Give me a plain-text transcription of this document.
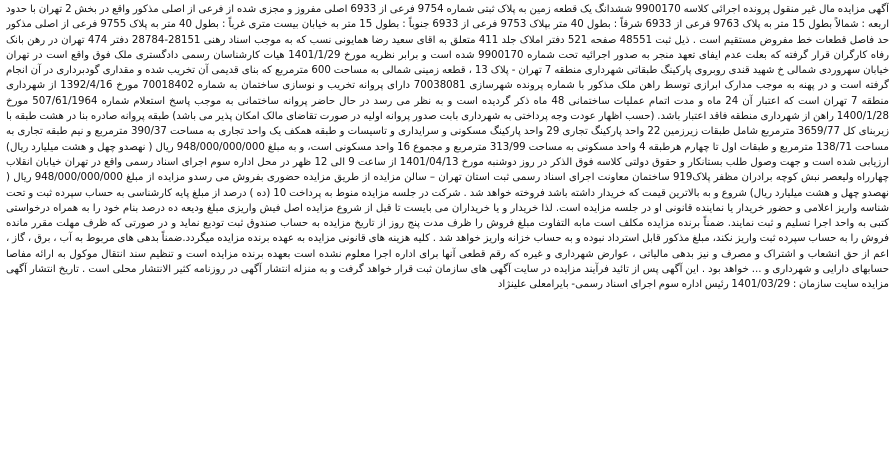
آگهی مزایده مال غیر منقول پرونده اجرائی کلاسه 9900170 ششدانگ یک قطعه زمین به پلاک ثبتی شماره 9754 فرعی از 6933 اصلی مفروز و مجزی شده از فرعی از اصلی مذکور واقع در بخش 2 تهران با حدود اربعه : شمالاً بطول 15 متر به پلاک 9763 فرعی از 6933 شرقاً : بطول 40 متر بپلاک 9753 فرعی از 6933 جنوباً : بطول 15 متر به خیابان بیست متری غرباً : بطول 40 متر به پلاک 9755 فرعی از اصلی مذکور حد فاصل قطعات خط مفروض مستقیم است . ذیل ثبت 48551 صفحه 521 دفتر املاک جلد 411 متعلق به اقای سعید رضا همایونی نسب که به موجب اسناد رهنی 28151-28784 دفتر 474 تهران در رهن بانک رفاه کارگران قرار گرفته که بعلت عدم ایفای تعهد منجر به صدور اجرائیه تحت شماره 9900170 شده است و برابر نظریه مورخ 1401/1/29 هیات کارشناسان رسمی دادگستری ملک فوق واقع است در تهران خیابان سهروردی شمالی خ شهید قندی روبروی پارکینگ طبقاتی شهرداری منطقه 7 تهران - پلاک 13 ، قطعه زمینی شمالی به مساحت 600 مترمربع که بنای قدیمی آن تخریب شده و مقداری گودبرداری در آن انجام گرفته است و در پهنه به موجب مدارک ابرازی توسط راهن ملک مذکور با شماره پرونده شهرسازی 70038081 دارای پروانه تخریب و نوسازی ساختمان به شماره 70018402 مورخ 1392/4/16 از شهرداری منطقه 7 تهران است که اعتبار آن 24 ماه و مدت اتمام عملیات ساختمانی 48 ماه ذکر گردیده است و به نظر می رسد در حال حاضر پروانه ساختمانی به موجب پاسخ استعلام شماره 507/61/1964 مورخ 1400/1/28 راهن از شهرداری منطقه فاقد اعتبار باشد. (حسب اظهار عودت وجه پرداختی به شهرداری بابت صدور پروانه اولیه در صورت تقاضای مالک امکان پذیر می باشد) طبقه پروانه صادره بنا در هشت طبقه با زیربنای کل 3659/77 مترمربع شامل طبقات زیرزمین 22 واحد پارکینگ تجاری 29 واحد پارکینگ مسکونی و سرایداری و تاسیسات و طبقه همکف یک واحد تجاری به مساحت 390/37 مترمربع و نیم طبقه تجاری به مساحت 138/71 مترمربع و طبقات اول تا چهارم هرطبقه 4 واحد مسکونی به مساحت 313/99 مترمربع و مجموع 16 واحد مسکونی است، و به مبلغ 948/000/000/000 ریال ( نهصدو چهل و هشت میلیارد ریال) ارزیابی شده است و جهت وصول طلب بستانکار و حقوق دولتی کلاسه فوق الذکر در روز دوشنبه مورخ 1401/04/13 از ساعت 9 الی 12 ظهر در محل اداره سوم اجرای اسناد رسمی واقع در تهران خیابان انقلاب چهارراه ولیعصر نبش کوچه برادران مظفر پلاک919 ساختمان معاونت اجرای اسناد رسمی ثبت استان تهران – سالن مزایده از طریق مزایده حضوری بفروش می رسدو مزایده از مبلغ 948/000/000/000 ریال ( نهصدو چهل و هشت میلیارد ریال) شروع و به بالاترین قیمت که خریدار داشته باشد فروخته خواهد شد . شرکت در جلسه مزایده منوط به پرداخت 10 (ده ) درصد از مبلغ پایه کارشناسی به حساب سپرده ثبت و تحت شناسه واریز اعلامی و حضور خریدار یا نماینده قانونی او در جلسه مزایده است. لذا خریدار و یا خریداران می بایست تا قبل از شروع مزایده اصل فیش واریزی مبلغ ودیعه ده درصد بنام خود را به همراه درخواستی کتبی به واحد اجرا تسلیم و ثبت نمایند. ضمناً برنده مزایده مکلف است مابه التفاوت مبلغ فروش را ظرف مدت پنج روز از تاریخ مزایده به حساب صندوق ثبت تودیع نماید و در صورتی که ظرف مهلت مقرر مانده فروش را به حساب سپرده ثبت واریز نکند، مبلغ مذکور قابل استرداد نبوده و به حساب خزانه واریز خواهد شد . کلیه هزینه های قانونی مزایده به عهده برنده مزایده میگردد.ضمناً بدهی های مربوط به آب ، برق ، گاز ، اعم از حق انشعاب و اشتراک و مصرف و نیز بدهی مالیاتی ، عوارض شهرداری و غیره که رقم قطعی آنها برای اداره اجرا معلوم نشده است بعهده برنده مزایده است و تنظیم سند انتقال موکول به ارائه مفاصا حسابهای دارایی و شهرداری و ... خواهد بود . این آگهی پس از تائید فرآیند مزایده در سایت آگهی های سازمان ثبت قرار خواهد گرفت و به منزله انتشار آگهی در روزنامه کثیر الانتشار محلی است . تاریخ انتشار آگهی مزایده سایت سازمان : 1401/03/29 رئیس اداره سوم اجرای اسناد رسمی- بایرامعلی علینژاد
